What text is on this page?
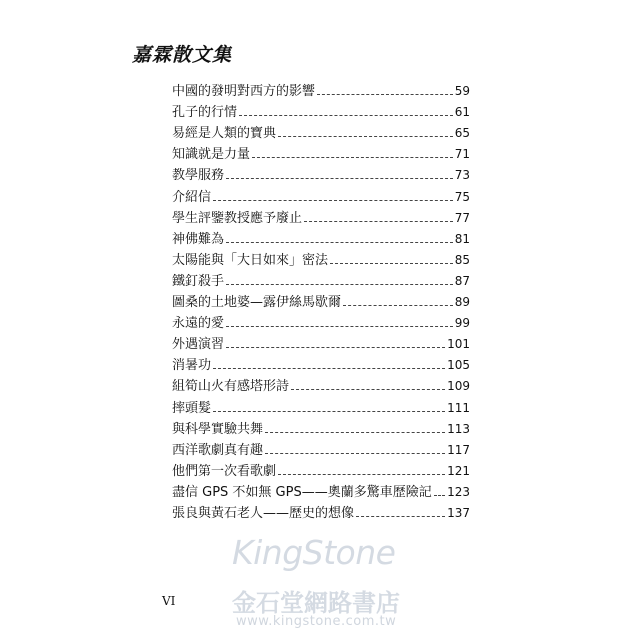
嘉霖散文集
中國的發明對西方的影響	59
孔子的行情	61
易經是人類的寶典	65
知識就是力量	71
教學服務	73
介紹信	75
學生評鑒教授應予廢止	77
神佛難為	81
太陽能與「大日如來」密法	85
鐵釘殺手	87
圖桑的土地婆—露伊絲馬歇爾	89
永遠的愛	99
外遇演習	101
消暑功	105
組筍山火有感塔形詩	109
摔頭髮	111
與科學實驗共舞	113
西洋歌劇真有趣	117
他們第一次看歌劇	121
盡信 GPS 不如無 GPS——奧蘭多驚車歷險記 123
張良與黃石老人——歷史的想像	137
VI
KingStone
金石堂網路書店
www.kingstone.com.tw
